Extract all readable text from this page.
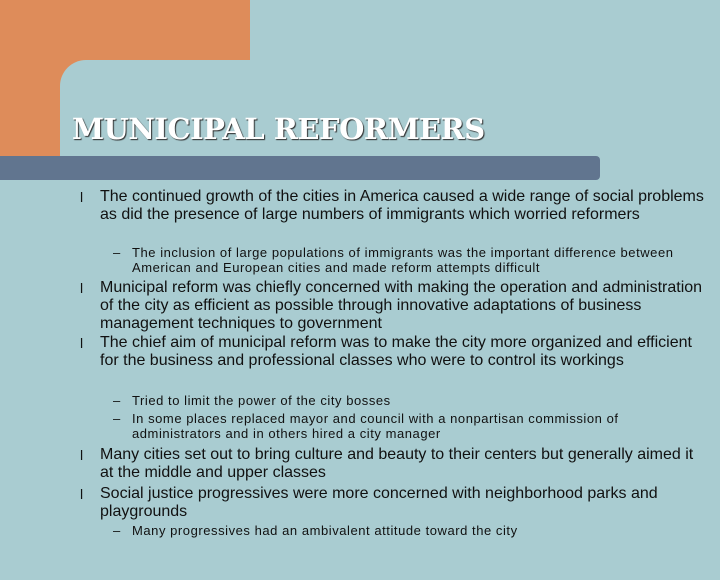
MUNICIPAL REFORMERS
l The continued growth of the cities in America caused a wide range of social problems as did the presence of large numbers of immigrants which worried reformers

– The inclusion of large populations of immigrants was the important difference between American and European cities and made reform attempts difficult

l Municipal reform was chiefly concerned with making the operation and administration of the city as efficient as possible through innovative adaptations of business management techniques to government

l The chief aim of municipal reform was to make the city more organized and efficient for the business and professional classes who were to control its workings

– Tried to limit the power of the city bosses

– In some places replaced mayor and council with a nonpartisan commission of administrators and in others hired a city manager

l Many cities set out to bring culture and beauty to their centers but generally aimed it at the middle and upper classes

l Social justice progressives were more concerned with neighborhood parks and playgrounds

– Many progressives had an ambivalent attitude toward the city
